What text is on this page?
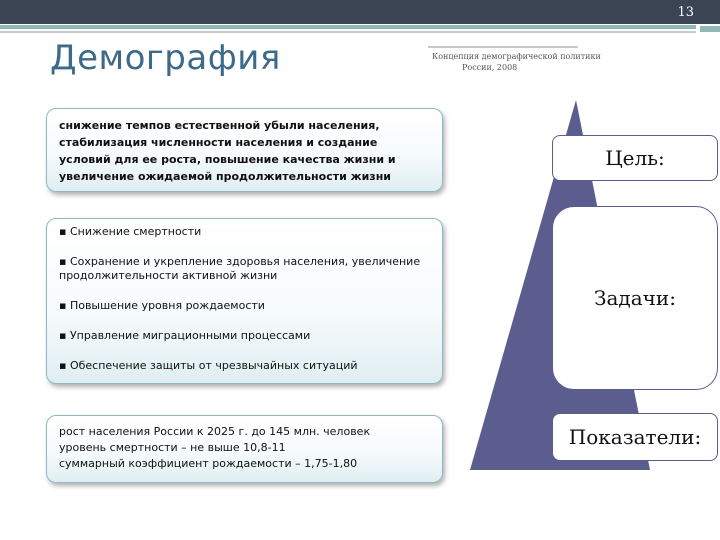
13
Демография	Концепция демографической политики
России, 2008
снижение темпов естественной убыли населения, стабилизация численности населения и создание условий для ее роста, повышение качества жизни и увеличение ожидаемой продолжительности жизни
▪ Снижение смертности
▪ Сохранение и укрепление здоровья населения, увеличение продолжительности активной жизни
▪ Повышение уровня рождаемости
▪ Управление миграционными процессами
▪ Обеспечение защиты от чрезвычайных ситуаций
рост населения России к 2025 г. до 145 млн. человек
уровень смертности – не выше 10,8-11
суммарный коэффициент рождаемости – 1,75-1,80
Цель:
Задачи:
Показатели:
